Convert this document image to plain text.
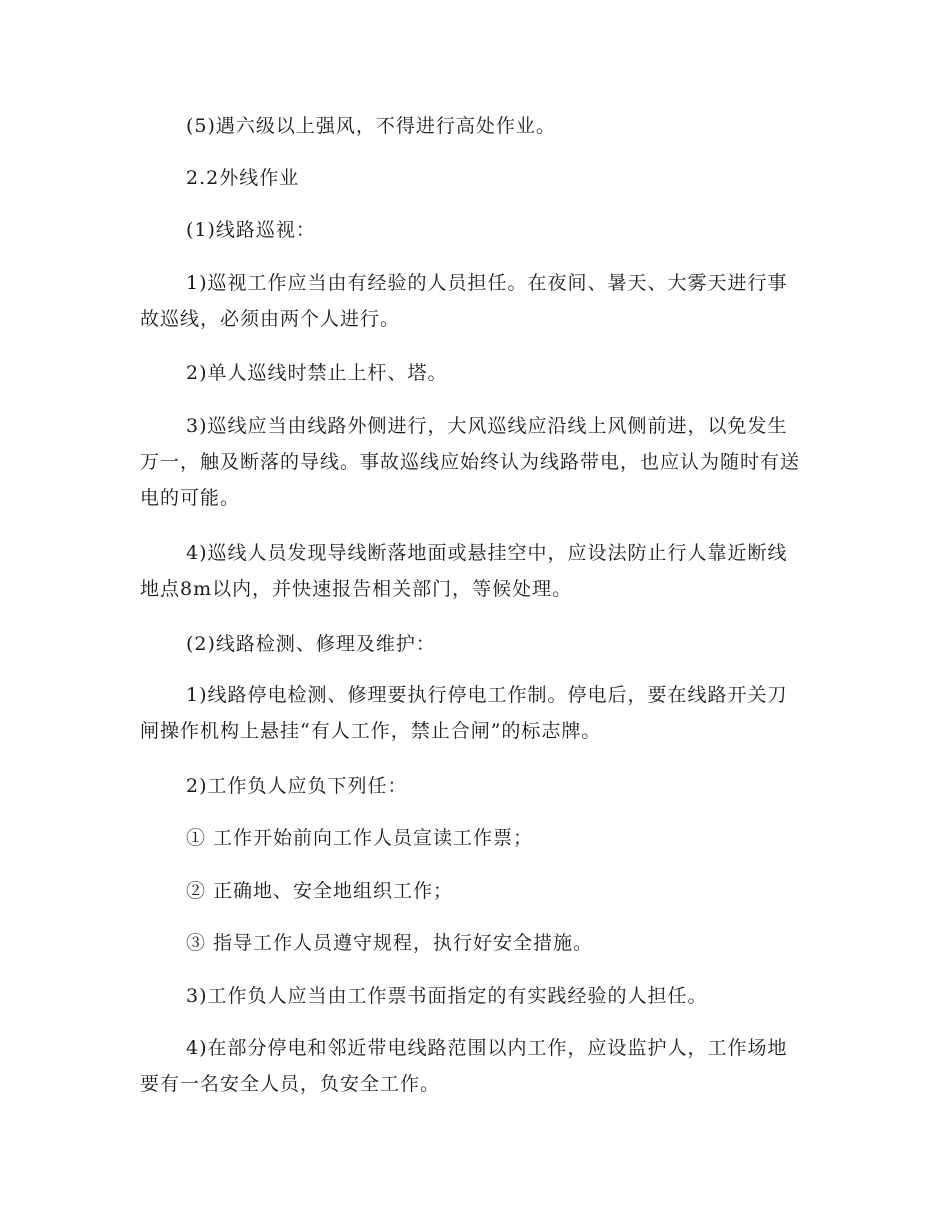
(5)遇六级以上强风，不得进行高处作业。

2.2外线作业

(1)线路巡视：

1)巡视工作应当由有经验的人员担任。在夜间、暑天、大雾天进行事故巡线，必须由两个人进行。

2)单人巡线时禁止上杆、塔。

3)巡线应当由线路外侧进行，大风巡线应沿线上风侧前进，以免发生万一，触及断落的导线。事故巡线应始终认为线路带电，也应认为随时有送电的可能。

4)巡线人员发现导线断落地面或悬挂空中，应设法防止行人靠近断线地点8m以内，并快速报告相关部门，等候处理。

(2)线路检测、修理及维护：

1)线路停电检测、修理要执行停电工作制。停电后，要在线路开关刀闸操作机构上悬挂“有人工作，禁止合闸”的标志牌。

2)工作负人应负下列任：

① 工作开始前向工作人员宣读工作票；

② 正确地、安全地组织工作；

③ 指导工作人员遵守规程，执行好安全措施。

3)工作负人应当由工作票书面指定的有实践经验的人担任。

4)在部分停电和邻近带电线路范围以内工作，应设监护人，工作场地要有一名安全人员，负安全工作。
